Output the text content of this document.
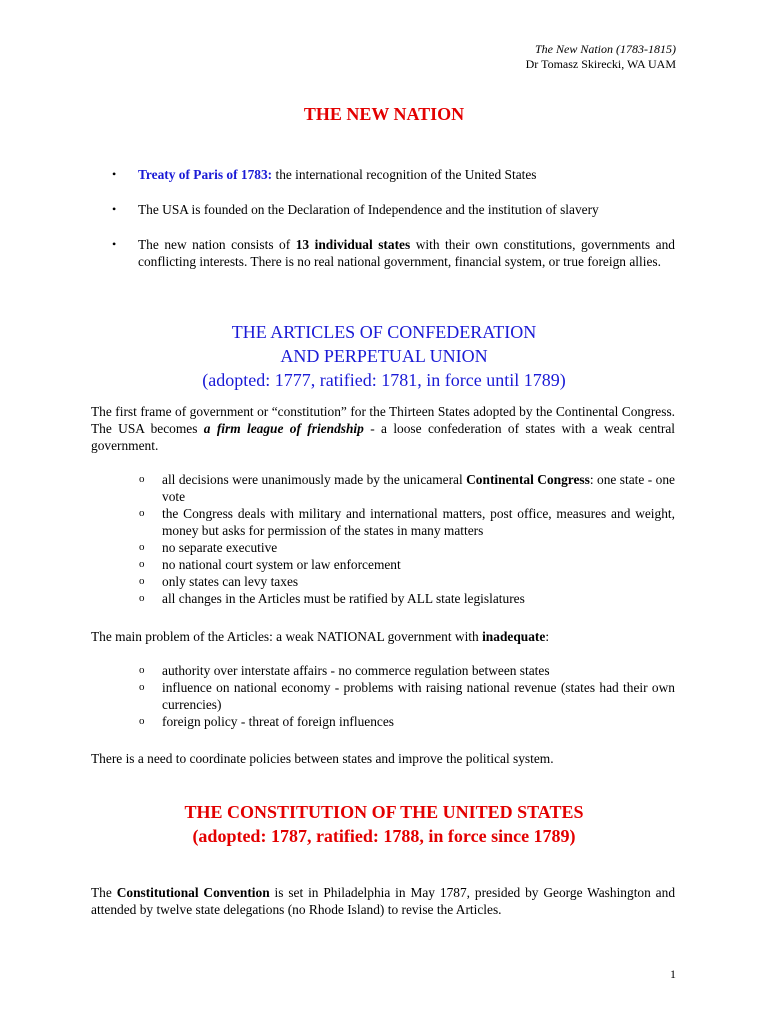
The New Nation (1783-1815)
Dr Tomasz Skirecki, WA UAM
THE NEW NATION
• Treaty of Paris of 1783: the international recognition of the United States
• The USA is founded on the Declaration of Independence and the institution of slavery
• The new nation consists of 13 individual states with their own constitutions, governments and conflicting interests. There is no real national government, financial system, or true foreign allies.
THE ARTICLES OF CONFEDERATION
AND PERPETUAL UNION
(adopted: 1777, ratified: 1781, in force until 1789)
The first frame of government or “constitution” for the Thirteen States adopted by the Continental Congress. The USA becomes a firm league of friendship - a loose confederation of states with a weak central government.
o all decisions were unanimously made by the unicameral Continental Congress: one state - one vote
o the Congress deals with military and international matters, post office, measures and weight, money but asks for permission of the states in many matters
o no separate executive
o no national court system or law enforcement
o only states can levy taxes
o all changes in the Articles must be ratified by ALL state legislatures
The main problem of the Articles: a weak NATIONAL government with inadequate:
o authority over interstate affairs - no commerce regulation between states
o influence on national economy - problems with raising national revenue (states had their own currencies)
o foreign policy - threat of foreign influences
There is a need to coordinate policies between states and improve the political system.
THE CONSTITUTION OF THE UNITED STATES
(adopted: 1787, ratified: 1788, in force since 1789)
The Constitutional Convention is set in Philadelphia in May 1787, presided by George Washington and attended by twelve state delegations (no Rhode Island) to revise the Articles.
1
